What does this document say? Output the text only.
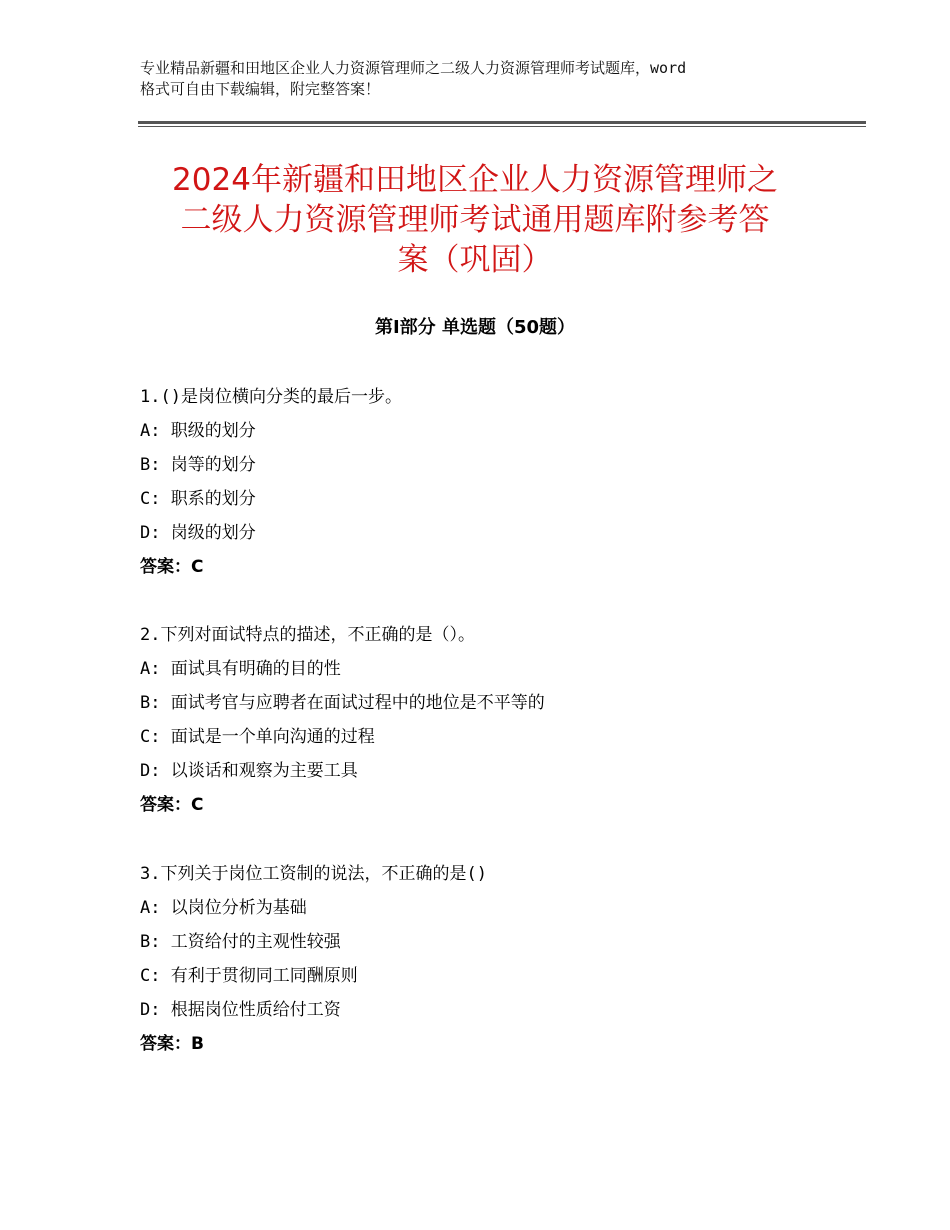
专业精品新疆和田地区企业人力资源管理师之二级人力资源管理师考试题库，word
格式可自由下载编辑，附完整答案！
2024年新疆和田地区企业人力资源管理师之
二级人力资源管理师考试通用题库附参考答
案（巩固）
第Ⅰ部分 单选题（50题）
1.()是岗位横向分类的最后一步。
A: 职级的划分
B: 岗等的划分
C: 职系的划分
D: 岗级的划分
答案：C
2.下列对面试特点的描述，不正确的是（）。
A: 面试具有明确的目的性
B: 面试考官与应聘者在面试过程中的地位是不平等的
C: 面试是一个单向沟通的过程
D: 以谈话和观察为主要工具
答案：C
3.下列关于岗位工资制的说法，不正确的是()
A: 以岗位分析为基础
B: 工资给付的主观性较强
C: 有利于贯彻同工同酬原则
D: 根据岗位性质给付工资
答案：B
